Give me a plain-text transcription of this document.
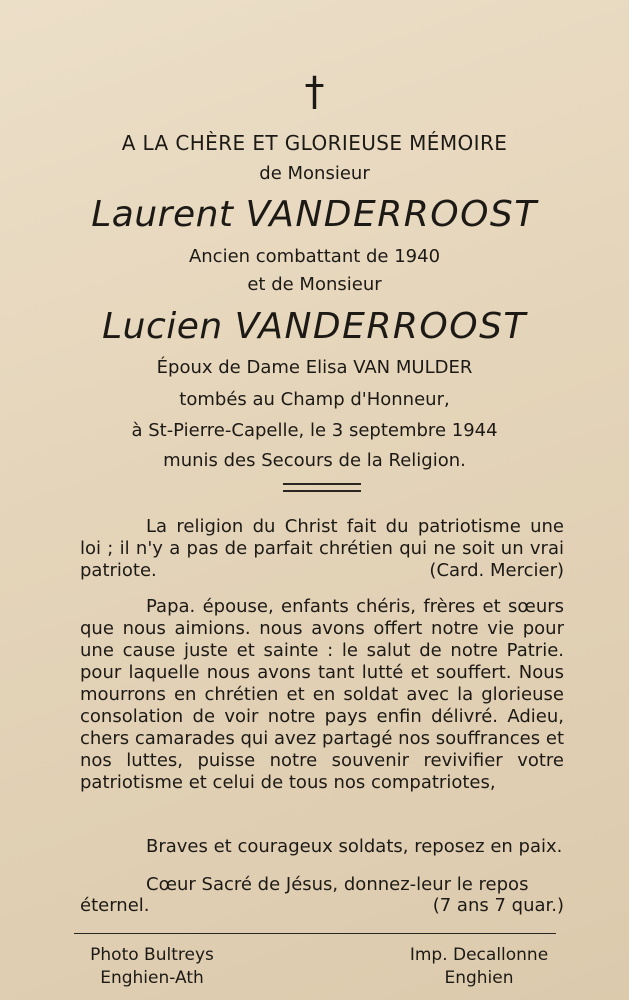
†
A LA CHÈRE ET GLORIEUSE MÉMOIRE
de Monsieur
Laurent VANDERROOST
Ancien combattant de 1940
et de Monsieur
Lucien VANDERROOST
Époux de Dame Elisa VAN MULDER
tombés au Champ d'Honneur,
à St-Pierre-Capelle, le 3 septembre 1944
munis des Secours de la Religion.

La religion du Christ fait du patriotisme une loi ; il n'y a pas de parfait chrétien qui ne soit un vrai patriote.	(Card. Mercier)

Papa. épouse, enfants chéris, frères et sœurs que nous aimions. nous avons offert notre vie pour une cause juste et sainte : le salut de notre Patrie. pour laquelle nous avons tant lutté et souffert. Nous mourrons en chrétien et en soldat avec la glorieuse consolation de voir notre pays enfin délivré. Adieu, chers camarades qui avez partagé nos souffrances et nos luttes, puisse notre souvenir revivifier votre patriotisme et celui de tous nos compatriotes,

Braves et courageux soldats, reposez en paix.

Cœur Sacré de Jésus, donnez-leur le repos

éternel.	(7 ans 7 quar.)
Photo Bultreys
Enghien-Ath
Imp. Decallonne
Enghien
